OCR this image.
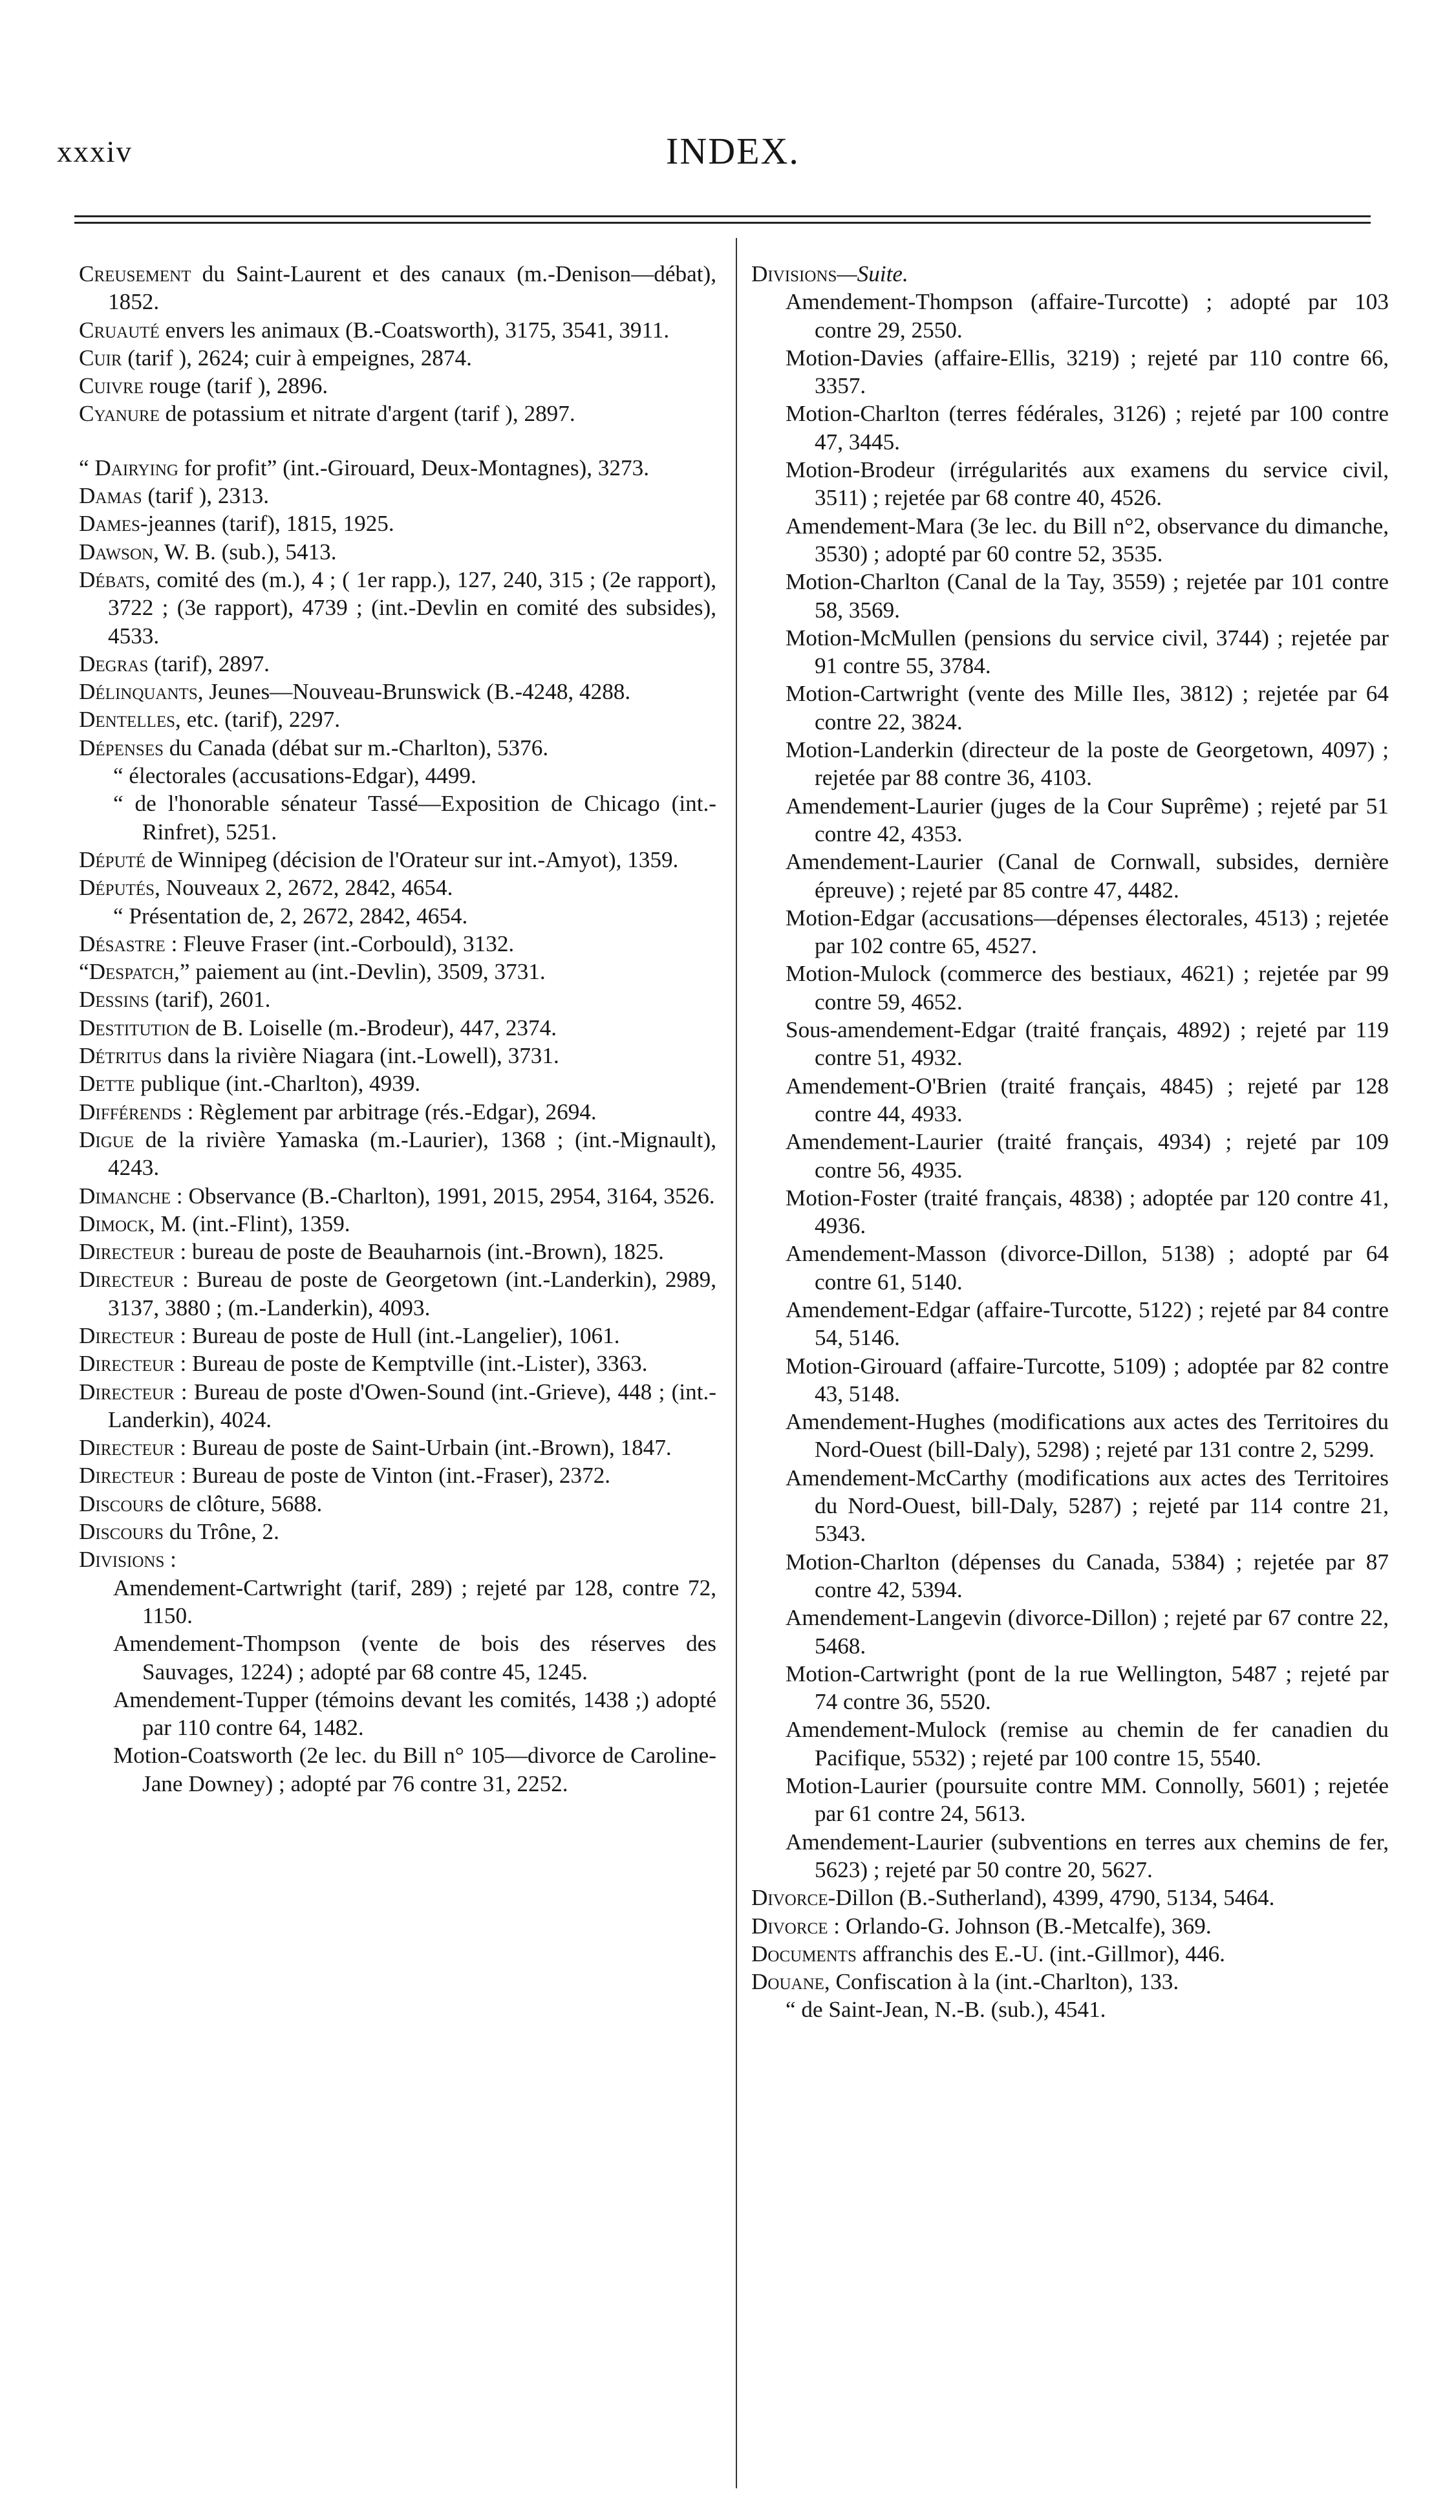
xxxiv	INDEX.
Creusement du Saint-Laurent et des canaux (m.-Denison—débat), 1852.
Cruauté envers les animaux (B.-Coatsworth), 3175, 3541, 3911.
Cuir (tarif ), 2624; cuir à empeignes, 2874.
Cuivre rouge (tarif ), 2896.
Cyanure de potassium et nitrate d'argent (tarif ), 2897.
“ Dairying for profit” (int.-Girouard, Deux-Montagnes), 3273.
Damas (tarif ), 2313.
Dames-jeannes (tarif), 1815, 1925.
Dawson, W. B. (sub.), 5413.
Débats, comité des (m.), 4 ; ( 1er rapp.), 127, 240, 315 ; (2e rapport), 3722 ; (3e rapport), 4739 ; (int.-Devlin en comité des subsides), 4533.
Degras (tarif), 2897.
Délinquants, Jeunes—Nouveau-Brunswick (B.-4248, 4288.
Dentelles, etc. (tarif), 2297.
Dépenses du Canada (débat sur m.-Charlton), 5376.
“ électorales (accusations-Edgar), 4499.
“ de l'honorable sénateur Tassé—Exposition de Chicago (int.-Rinfret), 5251.
Député de Winnipeg (décision de l'Orateur sur int.-Amyot), 1359.
Députés, Nouveaux 2, 2672, 2842, 4654.
“ Présentation de, 2, 2672, 2842, 4654.
Désastre : Fleuve Fraser (int.-Corbould), 3132.
“Despatch,” paiement au (int.-Devlin), 3509, 3731.
Dessins (tarif), 2601.
Destitution de B. Loiselle (m.-Brodeur), 447, 2374.
Détritus dans la rivière Niagara (int.-Lowell), 3731.
Dette publique (int.-Charlton), 4939.
Différends : Règlement par arbitrage (rés.-Edgar), 2694.
Digue de la rivière Yamaska (m.-Laurier), 1368 ; (int.-Mignault), 4243.
Dimanche : Observance (B.-Charlton), 1991, 2015, 2954, 3164, 3526.
Dimock, M. (int.-Flint), 1359.
Directeur : bureau de poste de Beauharnois (int.-Brown), 1825.
Directeur : Bureau de poste de Georgetown (int.-Landerkin), 2989, 3137, 3880 ; (m.-Landerkin), 4093.
Directeur : Bureau de poste de Hull (int.-Langelier), 1061.
Directeur : Bureau de poste de Kemptville (int.-Lister), 3363.
Directeur : Bureau de poste d'Owen-Sound (int.-Grieve), 448 ; (int.-Landerkin), 4024.
Directeur : Bureau de poste de Saint-Urbain (int.-Brown), 1847.
Directeur : Bureau de poste de Vinton (int.-Fraser), 2372.
Discours de clôture, 5688.
Discours du Trône, 2.
Divisions :
Amendement-Cartwright (tarif, 289) ; rejeté par 128, contre 72, 1150.
Amendement-Thompson (vente de bois des réserves des Sauvages, 1224) ; adopté par 68 contre 45, 1245.
Amendement-Tupper (témoins devant les comités, 1438 ;) adopté par 110 contre 64, 1482.
Motion-Coatsworth (2e lec. du Bill n° 105—divorce de Caroline-Jane Downey) ; adopté par 76 contre 31, 2252.
Divisions—Suite.
Amendement-Thompson (affaire-Turcotte) ; adopté par 103 contre 29, 2550.
Motion-Davies (affaire-Ellis, 3219) ; rejeté par 110 contre 66, 3357.
Motion-Charlton (terres fédérales, 3126) ; rejeté par 100 contre 47, 3445.
Motion-Brodeur (irrégularités aux examens du service civil, 3511) ; rejetée par 68 contre 40, 4526.
Amendement-Mara (3e lec. du Bill n°2, observance du dimanche, 3530) ; adopté par 60 contre 52, 3535.
Motion-Charlton (Canal de la Tay, 3559) ; rejetée par 101 contre 58, 3569.
Motion-McMullen (pensions du service civil, 3744) ; rejetée par 91 contre 55, 3784.
Motion-Cartwright (vente des Mille Iles, 3812) ; rejetée par 64 contre 22, 3824.
Motion-Landerkin (directeur de la poste de Georgetown, 4097) ; rejetée par 88 contre 36, 4103.
Amendement-Laurier (juges de la Cour Suprême) ; rejeté par 51 contre 42, 4353.
Amendement-Laurier (Canal de Cornwall, subsides, dernière épreuve) ; rejeté par 85 contre 47, 4482.
Motion-Edgar (accusations—dépenses électorales, 4513) ; rejetée par 102 contre 65, 4527.
Motion-Mulock (commerce des bestiaux, 4621) ; rejetée par 99 contre 59, 4652.
Sous-amendement-Edgar (traité français, 4892) ; rejeté par 119 contre 51, 4932.
Amendement-O'Brien (traité français, 4845) ; rejeté par 128 contre 44, 4933.
Amendement-Laurier (traité français, 4934) ; rejeté par 109 contre 56, 4935.
Motion-Foster (traité français, 4838) ; adoptée par 120 contre 41, 4936.
Amendement-Masson (divorce-Dillon, 5138) ; adopté par 64 contre 61, 5140.
Amendement-Edgar (affaire-Turcotte, 5122) ; rejeté par 84 contre 54, 5146.
Motion-Girouard (affaire-Turcotte, 5109) ; adoptée par 82 contre 43, 5148.
Amendement-Hughes (modifications aux actes des Territoires du Nord-Ouest (bill-Daly), 5298) ; rejeté par 131 contre 2, 5299.
Amendement-McCarthy (modifications aux actes des Territoires du Nord-Ouest, bill-Daly, 5287) ; rejeté par 114 contre 21, 5343.
Motion-Charlton (dépenses du Canada, 5384) ; rejetée par 87 contre 42, 5394.
Amendement-Langevin (divorce-Dillon) ; rejeté par 67 contre 22, 5468.
Motion-Cartwright (pont de la rue Wellington, 5487 ; rejeté par 74 contre 36, 5520.
Amendement-Mulock (remise au chemin de fer canadien du Pacifique, 5532) ; rejeté par 100 contre 15, 5540.
Motion-Laurier (poursuite contre MM. Connolly, 5601) ; rejetée par 61 contre 24, 5613.
Amendement-Laurier (subventions en terres aux chemins de fer, 5623) ; rejeté par 50 contre 20, 5627.
Divorce-Dillon (B.-Sutherland), 4399, 4790, 5134, 5464.
Divorce : Orlando-G. Johnson (B.-Metcalfe), 369.
Documents affranchis des E.-U. (int.-Gillmor), 446.
Douane, Confiscation à la (int.-Charlton), 133.
“ de Saint-Jean, N.-B. (sub.), 4541.
